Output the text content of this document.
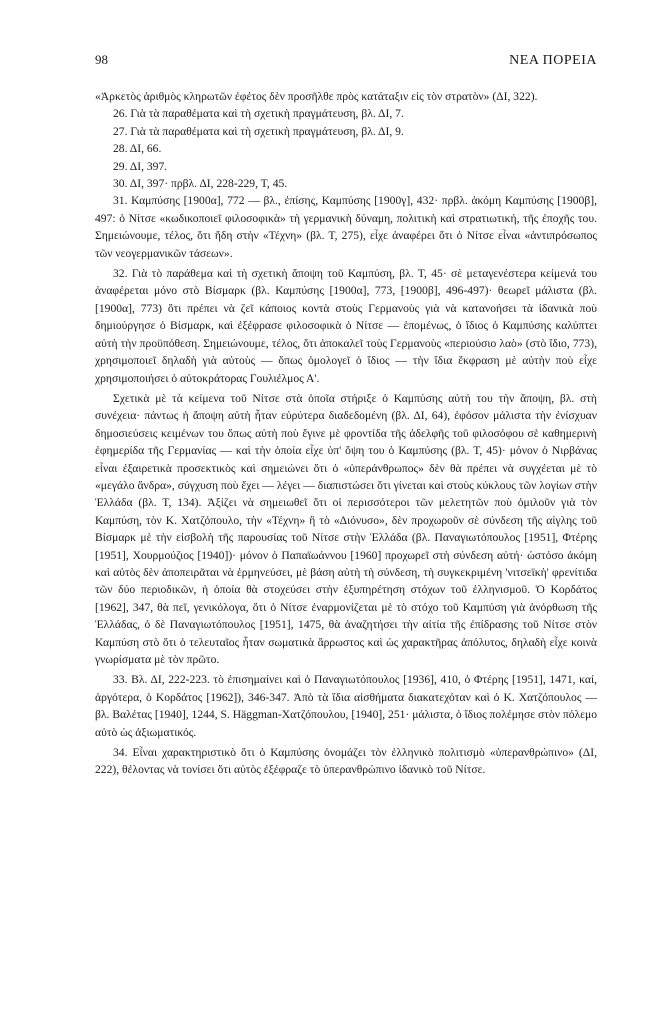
98	ΝΕΑ ΠΟΡΕΙΑ

«Ἀρκετὸς ἀριθμὸς κληρωτῶν ἐφέτος δὲν προσῆλθε πρὸς κατάταξιν εἰς τὸν στρατὸν» (ΔΙ, 322).

26. Γιὰ τὰ παραθέματα καὶ τὴ σχετικὴ πραγμάτευση, βλ. ΔΙ, 7.

27. Γιὰ τὰ παραθέματα καὶ τὴ σχετικὴ πραγμάτευση, βλ. ΔΙ, 9.

28. ΔΙ, 66.

29. ΔΙ, 397.

30. ΔΙ, 397· πρβλ. ΔΙ, 228-229, Τ, 45.

31. Καμπύσης [1900α], 772 — βλ., ἐπίσης, Καμπύσης [1900γ], 432· πρβλ. ἀκόμη Καμπύσης [1900β], 497: ὁ Νίτσε «κωδικοποιεῖ φιλοσοφικὰ» τὴ γερμανικὴ δύναμη, πολιτικὴ καὶ στρατιωτική, τῆς ἐποχῆς του. Σημειώνουμε, τέλος, ὅτι ἤδη στὴν «Τέχνη» (βλ. Τ, 275), εἶχε ἀναφέρει ὅτι ὁ Νίτσε εἶναι «ἀντιπρόσωπος τῶν νεογερμανικῶν τάσεων».

32. Γιὰ τὸ παράθεμα καὶ τὴ σχετικὴ ἄποψη τοῦ Καμπύση, βλ. Τ, 45· σὲ μεταγενέστερα κείμενά του ἀναφέρεται μόνο στὸ Βίσμαρκ (βλ. Καμπύσης [1900α], 773, [1900β], 496-497)· θεωρεῖ μάλιστα (βλ. [1900α], 773) ὅτι πρέπει νὰ ζεῖ κάποιος κοντὰ στοὺς Γερμανοὺς γιὰ νὰ κατανοήσει τὰ ἰδανικὰ ποὺ δημιούργησε ὁ Βίσμαρκ, καὶ ἐξέφρασε φιλοσοφικὰ ὁ Νίτσε — ἑπομένως, ὁ ἴδιος ὁ Καμπύσης καλύπτει αὐτὴ τὴν προϋπόθεση. Σημειώνουμε, τέλος, ὅτι ἀποκαλεῖ τοὺς Γερμανοὺς «περιούσιο λαὸ» (στὸ ἴδιο, 773), χρησιμοποιεῖ δηλαδὴ γιὰ αὐτοὺς — ὅπως ὁμολογεῖ ὁ ἴδιος — τὴν ἴδια ἔκφραση μὲ αὐτὴν ποὺ εἶχε χρησιμοποιήσει ὁ αὐτοκράτορας Γουλιέλμος Α'.

Σχετικὰ μὲ τὰ κείμενα τοῦ Νίτσε στὰ ὁποῖα στήριξε ὁ Καμπύσης αὐτή του τὴν ἄποψη, βλ. στὴ συνέχεια· πάντως ἡ ἄποψη αὐτὴ ἦταν εὐρύτερα διαδεδομένη (βλ. ΔΙ, 64), ἐφόσον μάλιστα τὴν ἐνίσχυαν δημοσιεύσεις κειμένων του ὅπως αὐτὴ ποὺ ἔγινε μὲ φροντίδα τῆς ἀδελφῆς τοῦ φιλοσόφου σὲ καθημερινὴ ἐφημερίδα τῆς Γερμανίας — καὶ τὴν ὁποία εἶχε ὑπ' ὄψη του ὁ Καμπύσης (βλ. Τ, 45)· μόνον ὁ Νιρβάνας εἶναι ἐξαιρετικὰ προσεκτικὸς καὶ σημειώνει ὅτι ὁ «ὑπεράνθρωπος» δὲν θὰ πρέπει νὰ συγχέεται μὲ τὸ «μεγάλο ἄνδρα», σύγχυση ποὺ ἔχει — λέγει — διαπιστώσει ὅτι γίνεται καὶ στοὺς κύκλους τῶν λογίων στὴν Ἑλλάδα (βλ. Τ, 134). Ἀξίζει νὰ σημειωθεῖ ὅτι οἱ περισσότεροι τῶν μελετητῶν ποὺ ὁμιλοῦν γιὰ τὸν Καμπύση, τὸν Κ. Χατζόπουλο, τὴν «Τέχνη» ἢ τὸ «Διόνυσο», δὲν προχωροῦν σὲ σύνδεση τῆς αἰγλης τοῦ Βίσμαρκ μὲ τὴν εἰσβολὴ τῆς παρουσίας τοῦ Νίτσε στὴν Ἑλλάδα (βλ. Παναγιωτόπουλος [1951], Φτέρης [1951], Χουρμούζιος [1940])· μόνον ὁ Παπαϊωάννου [1960] προχωρεῖ στὴ σύνδεση αὐτή· ὡστόσο ἀκόμη καὶ αὐτὸς δὲν ἀποπειρᾶται νὰ ἑρμηνεύσει, μὲ βάση αὐτὴ τὴ σύνδεση, τὴ συγκεκριμένη 'νιτσεϊκὴ' φρενίτιδα τῶν δύο περιοδικῶν, ἡ ὁποία θὰ στοχεύσει στὴν ἐξυπηρέτηση στόχων τοῦ ἑλληνισμοῦ. Ὁ Κορδάτος [1962], 347, θὰ πεῖ, γενικόλογα, ὅτι ὁ Νίτσε ἐναρμονίζεται μὲ τὸ στόχο τοῦ Καμπύση γιὰ ἀνόρθωση τῆς Ἑλλάδας, ὁ δὲ Παναγιωτόπουλος [1951], 1475, θὰ ἀναζητήσει τὴν αἰτία τῆς ἐπίδρασης τοῦ Νίτσε στὸν Καμπύση στὸ ὅτι ὁ τελευταῖος ἦταν σωματικὰ ἄρρωστος καὶ ὡς χαρακτῆρας ἀπόλυτος, δηλαδὴ εἶχε κοινὰ γνωρίσματα μὲ τὸν πρῶτο.

33. Βλ. ΔΙ, 222-223. τὸ ἐπισημαίνει καὶ ὁ Παναγιωτόπουλος [1936], 410, ὁ Φτέρης [1951], 1471, καί, ἀργότερα, ὁ Κορδάτος [1962]), 346-347. Ἀπὸ τὰ ἴδια αἰσθήματα διακατεχόταν καὶ ὁ Κ. Χατζόπουλος — βλ. Βαλέτας [1940], 1244, S. Häggman-Χατζόπουλου, [1940], 251· μάλιστα, ὁ ἴδιος πολέμησε στὸν πόλεμο αὐτὸ ὡς ἀξιωματικός.

34. Εἶναι χαρακτηριστικὸ ὅτι ὁ Καμπύσης ὀνομάζει τὸν ἑλληνικὸ πολιτισμὸ «ὑπερανθρώπινο» (ΔΙ, 222), θέλοντας νὰ τονίσει ὅτι αὐτὸς ἐξέφραζε τὸ ὑπερανθρώπινο ἰδανικὸ τοῦ Νίτσε.
